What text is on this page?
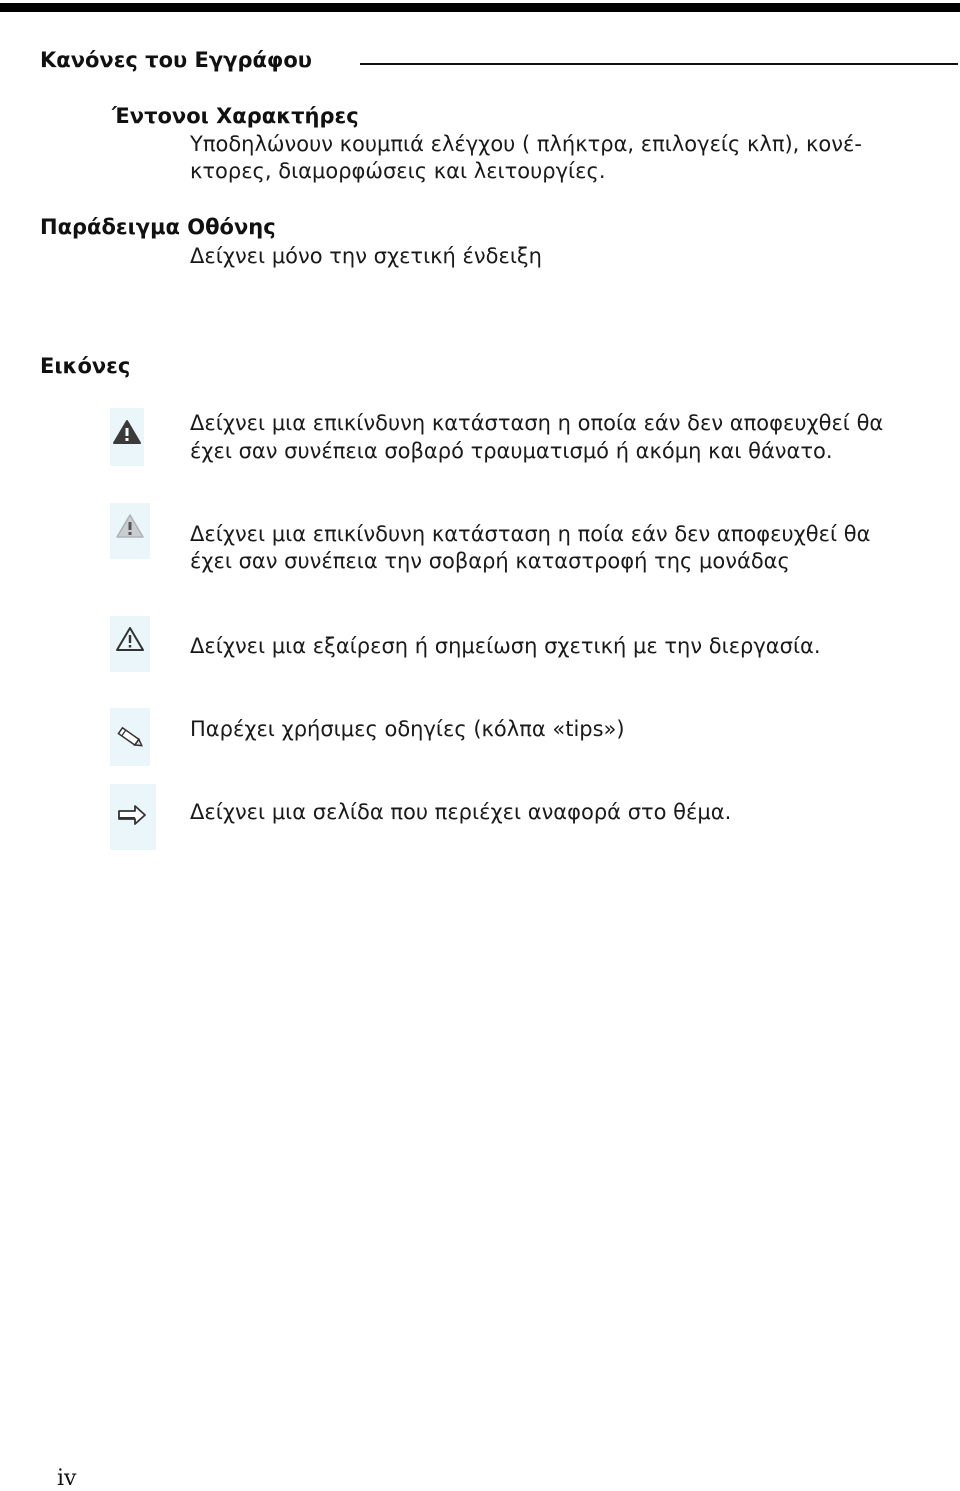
Κανόνες του Εγγράφου
Έντονοι Χαρακτήρες
Υποδηλώνουν κουμπιά ελέγχου ( πλήκτρα, επιλογείς κλπ), κονέ-
κτορες, διαμορφώσεις και λειτουργίες.
Παράδειγμα Οθόνης
Δείχνει μόνο την σχετική ένδειξη
Εικόνες
Δείχνει μια επικίνδυνη κατάσταση η οποία εάν δεν αποφευχθεί θα
έχει σαν συνέπεια σοβαρό τραυματισμό ή ακόμη και θάνατο.
Δείχνει μια επικίνδυνη κατάσταση η ποία εάν δεν αποφευχθεί θα
έχει σαν συνέπεια την σοβαρή καταστροφή της μονάδας
Δείχνει μια εξαίρεση ή σημείωση σχετική με την διεργασία.
Παρέχει χρήσιμες οδηγίες (κόλπα «tips»)
Δείχνει μια σελίδα που περιέχει αναφορά στο θέμα.
iv
